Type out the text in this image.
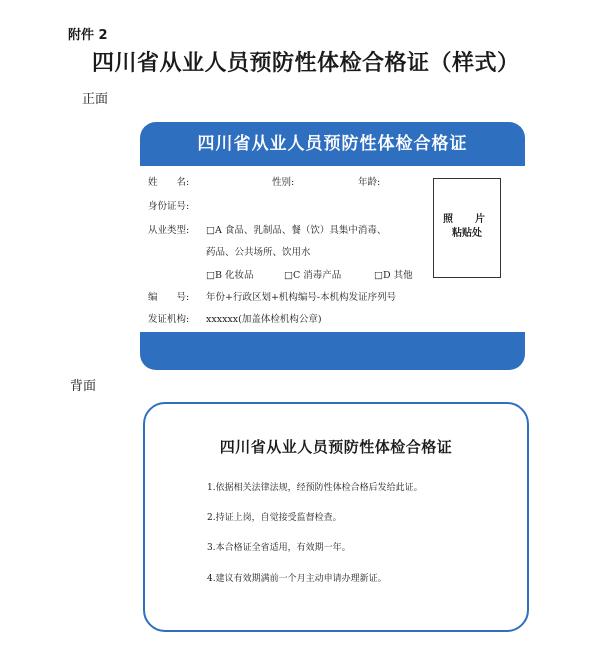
附件 2
四川省从业人员预防性体检合格证（样式）
正面
四川省从业人员预防性体检合格证
姓　　名:	性别:	年龄:
身份证号:
从业类型: □A 食品、乳制品、餐（饮）具集中消毒、
药品、公共场所、饮用水
□B 化妆品	□C 消毒产品	□D 其他
编　　号: 年份+行政区划+机构编号-本机构发证序列号
发证机构: xxxxxx(加盖体检机构公章)
照　片
粘贴处
背面
四川省从业人员预防性体检合格证
1.依据相关法律法规，经预防性体检合格后发给此证。
2.持证上岗，自觉接受监督检查。
3.本合格证全省适用，有效期一年。
4.建议有效期满前一个月主动申请办理新证。
